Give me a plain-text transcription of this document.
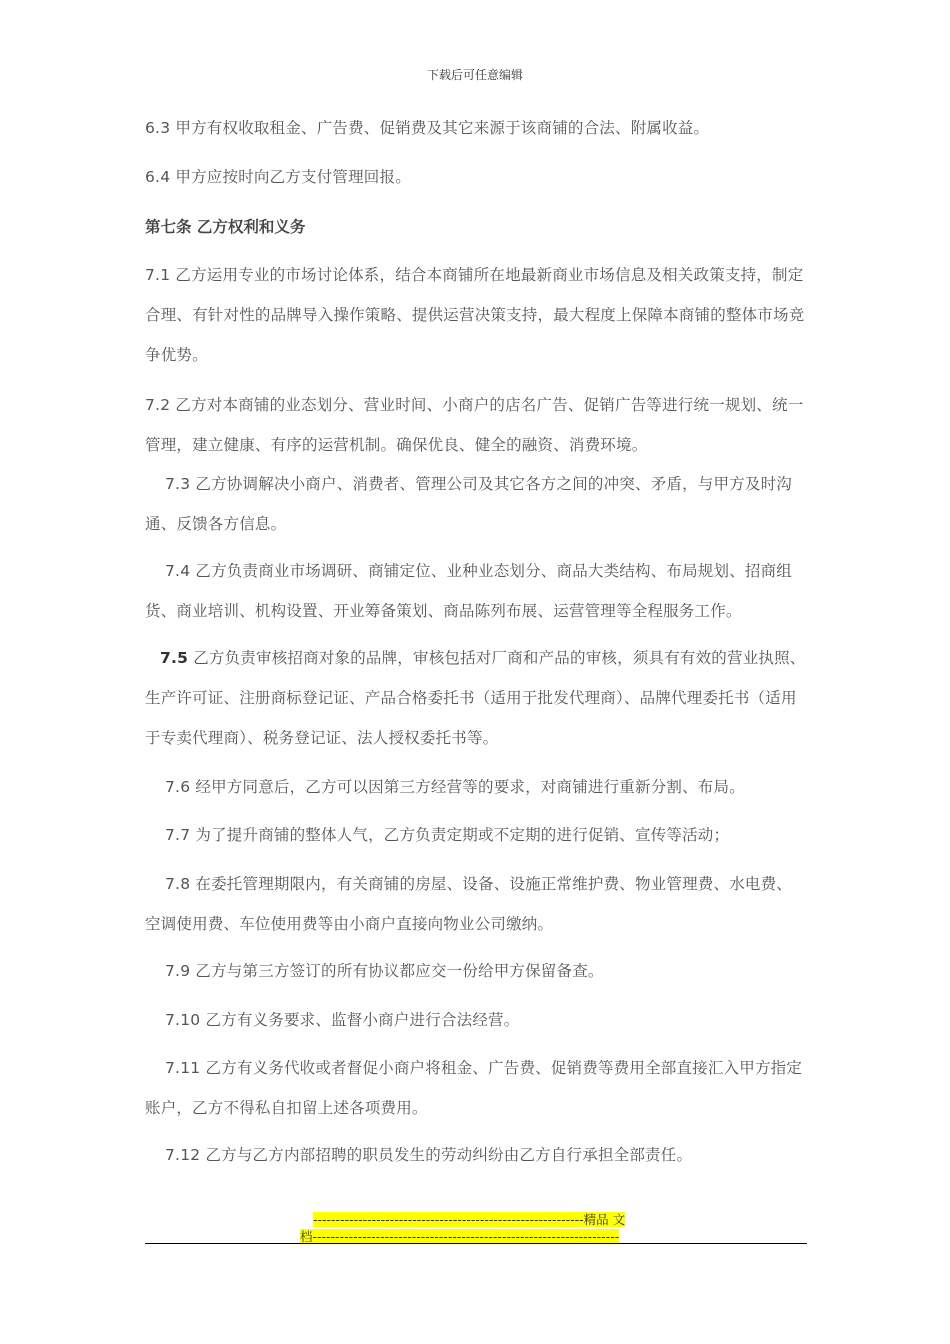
下载后可任意编辑
6.3 甲方有权收取租金、广告费、促销费及其它来源于该商铺的合法、附属收益。
6.4 甲方应按时向乙方支付管理回报。
第七条 乙方权利和义务
7.1 乙方运用专业的市场讨论体系，结合本商铺所在地最新商业市场信息及相关政策支持，制定合理、有针对性的品牌导入操作策略、提供运营决策支持，最大程度上保障本商铺的整体市场竞争优势。
7.2 乙方对本商铺的业态划分、营业时间、小商户的店名广告、促销广告等进行统一规划、统一管理，建立健康、有序的运营机制。确保优良、健全的融资、消费环境。
7.3 乙方协调解决小商户、消费者、管理公司及其它各方之间的冲突、矛盾，与甲方及时沟通、反馈各方信息。
7.4 乙方负责商业市场调研、商铺定位、业种业态划分、商品大类结构、布局规划、招商组货、商业培训、机构设置、开业筹备策划、商品陈列布展、运营管理等全程服务工作。
7.5 乙方负责审核招商对象的品牌，审核包括对厂商和产品的审核，须具有有效的营业执照、生产许可证、注册商标登记证、产品合格委托书（适用于批发代理商）、品牌代理委托书（适用于专卖代理商）、税务登记证、法人授权委托书等。
7.6 经甲方同意后，乙方可以因第三方经营等的要求，对商铺进行重新分割、布局。
7.7 为了提升商铺的整体人气，乙方负责定期或不定期的进行促销、宣传等活动；
7.8 在委托管理期限内，有关商铺的房屋、设备、设施正常维护费、物业管理费、水电费、空调使用费、车位使用费等由小商户直接向物业公司缴纳。
7.9 乙方与第三方签订的所有协议都应交一份给甲方保留备查。
7.10 乙方有义务要求、监督小商户进行合法经营。
7.11 乙方有义务代收或者督促小商户将租金、广告费、促销费等费用全部直接汇入甲方指定账户，乙方不得私自扣留上述各项费用。
7.12 乙方与乙方内部招聘的职员发生的劳动纠纷由乙方自行承担全部责任。
------------------------------------------------------------精品 文
档--------------------------------------------------------------------
